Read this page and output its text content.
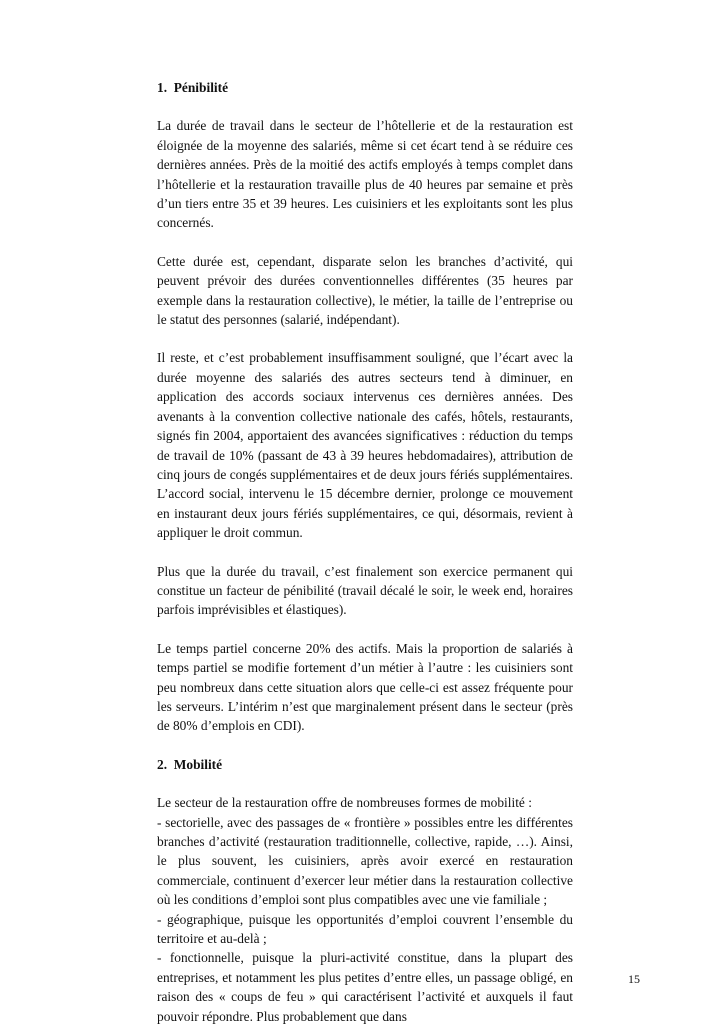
1.  Pénibilité

La durée de travail dans le secteur de l’hôtellerie et de la restauration est éloignée de la moyenne des salariés, même si cet écart tend à se réduire ces dernières années. Près de la moitié des actifs employés à temps complet dans l’hôtellerie et la restauration travaille plus de 40 heures par semaine et près d’un tiers entre 35 et 39 heures. Les cuisiniers et les exploitants sont les plus concernés.

Cette durée est, cependant, disparate selon les branches d’activité, qui peuvent prévoir des durées conventionnelles différentes (35 heures par exemple dans la restauration collective), le métier, la taille de l’entreprise ou le statut des personnes (salarié, indépendant).

Il reste, et c’est probablement insuffisamment souligné, que l’écart avec la durée moyenne des salariés des autres secteurs tend à diminuer, en application des accords sociaux intervenus ces dernières années. Des avenants à la convention collective nationale des cafés, hôtels, restaurants, signés fin 2004, apportaient des avancées significatives : réduction du temps de travail de 10% (passant de 43 à 39 heures hebdomadaires), attribution de cinq jours de congés supplémentaires et de deux jours fériés supplémentaires. L’accord social, intervenu le 15 décembre dernier, prolonge ce mouvement en instaurant deux jours fériés supplémentaires, ce qui, désormais, revient à appliquer le droit commun.

Plus que la durée du travail, c’est finalement son exercice permanent qui constitue un facteur de pénibilité (travail décalé le soir, le week end, horaires parfois imprévisibles et élastiques).

Le temps partiel concerne 20% des actifs. Mais la proportion de salariés à temps partiel se modifie fortement d’un métier à l’autre : les cuisiniers sont peu nombreux dans cette situation alors que celle-ci est assez fréquente pour les serveurs. L’intérim n’est que marginalement présent dans le secteur (près de 80% d’emplois en CDI).

2.  Mobilité

Le secteur de la restauration offre de nombreuses formes de mobilité :

- sectorielle, avec des passages de « frontière » possibles entre les différentes branches d’activité (restauration traditionnelle, collective, rapide, …). Ainsi, le plus souvent, les cuisiniers, après avoir exercé en restauration commerciale, continuent d’exercer leur métier dans la restauration collective où les conditions d’emploi sont plus compatibles avec une vie familiale ;

- géographique, puisque les opportunités d’emploi couvrent l’ensemble du territoire et au-delà ;

- fonctionnelle, puisque la pluri-activité constitue, dans la plupart des entreprises, et notamment les plus petites d’entre elles, un passage obligé, en raison des « coups de feu » qui caractérisent l’activité et auxquels il faut pouvoir répondre. Plus probablement que dans

15
